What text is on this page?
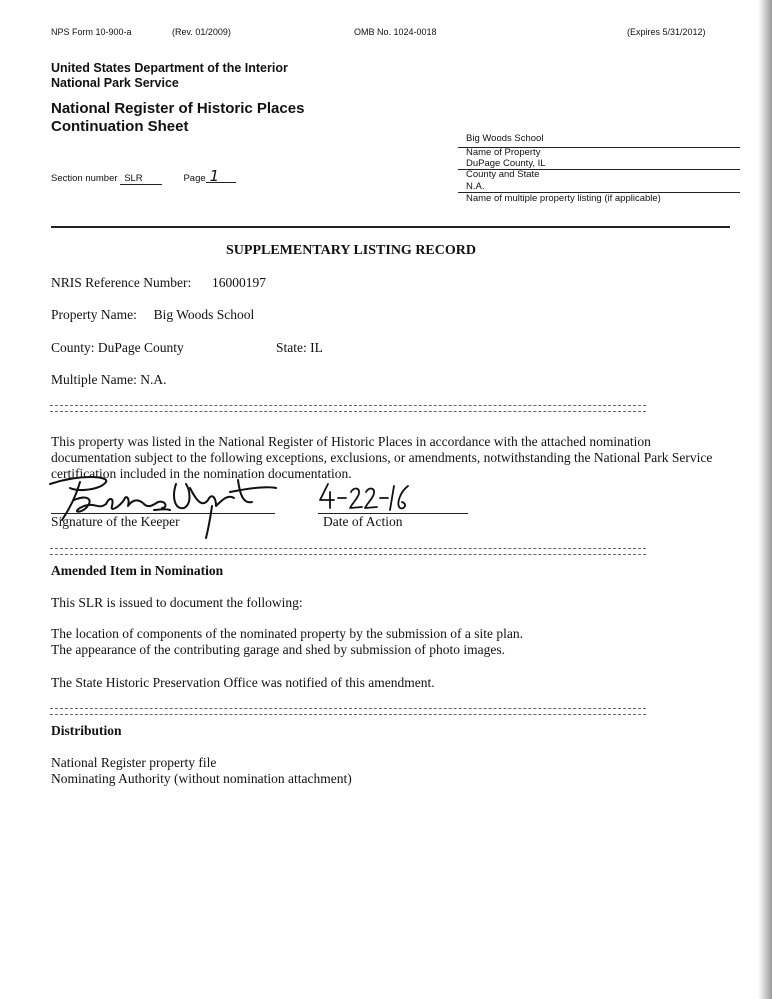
NPS Form 10-900-a	(Rev. 01/2009)	OMB No. 1024-0018	(Expires 5/31/2012)
United States Department of the Interior
National Park Service
National Register of Historic Places
Continuation Sheet
Section number SLR	Page 1
Big Woods School
Name of Property
DuPage County, IL
County and State
N.A.
Name of multiple property listing (if applicable)
SUPPLEMENTARY LISTING RECORD
NRIS Reference Number: 16000197
Property Name: Big Woods School
County: DuPage County	State: IL
Multiple Name: N.A.
This property was listed in the National Register of Historic Places in accordance with the attached nomination
documentation subject to the following exceptions, exclusions, or amendments, notwithstanding the National Park Service
certification included in the nomination documentation.
Signature of the Keeper	Date of Action
Amended Item in Nomination
This SLR is issued to document the following:
The location of components of the nominated property by the submission of a site plan.
The appearance of the contributing garage and shed by submission of photo images.
The State Historic Preservation Office was notified of this amendment.
Distribution
National Register property file
Nominating Authority (without nomination attachment)
